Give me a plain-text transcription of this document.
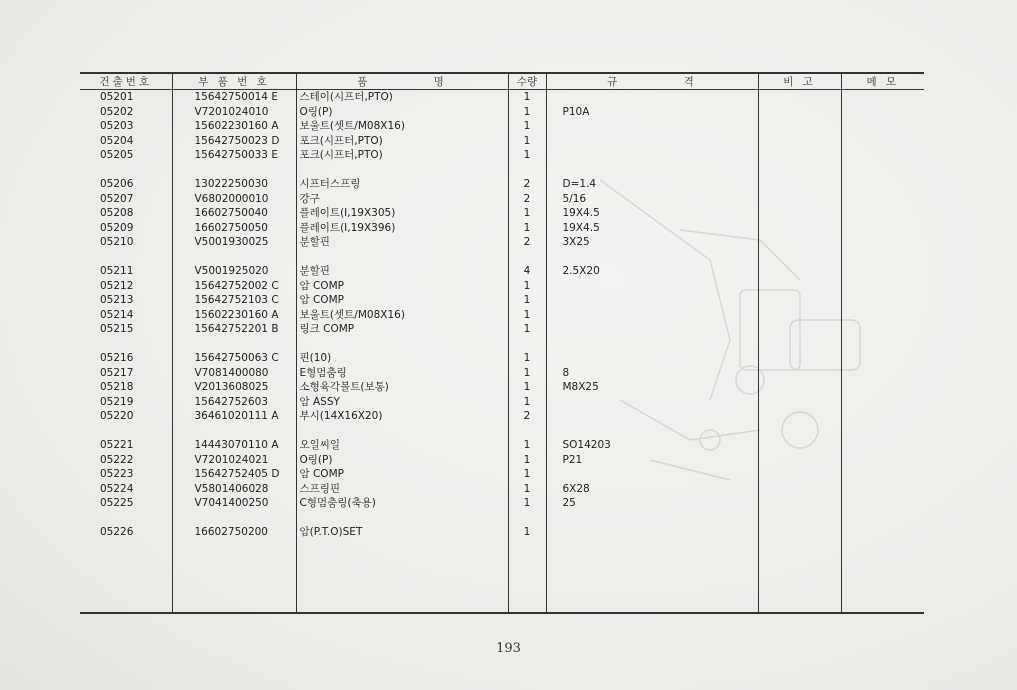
건출번호	부 품 번 호	품          명	수량	규          격	비 고	메 모
05201	15642750014 E	스테이(시프터,PTO)	1			
05202	V7201024010	O링(P)	1	P10A		
05203	15602230160 A	보울트(셋트/M08X16)	1			
05204	15642750023 D	포크(시프터,PTO)	1			
05205	15642750033 E	포크(시프터,PTO)	1			

05206	13022250030	시프터스프링	2	D=1.4		
05207	V6802000010	강구	2	5/16		
05208	16602750040	플레이트(I,19X305)	1	19X4.5		
05209	16602750050	플레이트(I,19X396)	1	19X4.5		
05210	V5001930025	분할핀	2	3X25		

05211	V5001925020	분할핀	4	2.5X20		
05212	15642752002 C	암 COMP	1			
05213	15642752103 C	암 COMP	1			
05214	15602230160 A	보울트(셋트/M08X16)	1			
05215	15642752201 B	링크 COMP	1			

05216	15642750063 C	핀(10)	1			
05217	V7081400080	E형멈춤링	1	8		
05218	V2013608025	소형육각볼트(보통)	1	M8X25		
05219	15642752603	암 ASSY	1			
05220	36461020111 A	부시(14X16X20)	2			

05221	14443070110 A	오일씨일	1	SO14203		
05222	V7201024021	O링(P)	1	P21		
05223	15642752405 D	암 COMP	1			
05224	V5801406028	스프링핀	1	6X28		
05225	V7041400250	C형멈춤링(축용)	1	25		

05226	16602750200	암(P.T.O)SET	1			

193
